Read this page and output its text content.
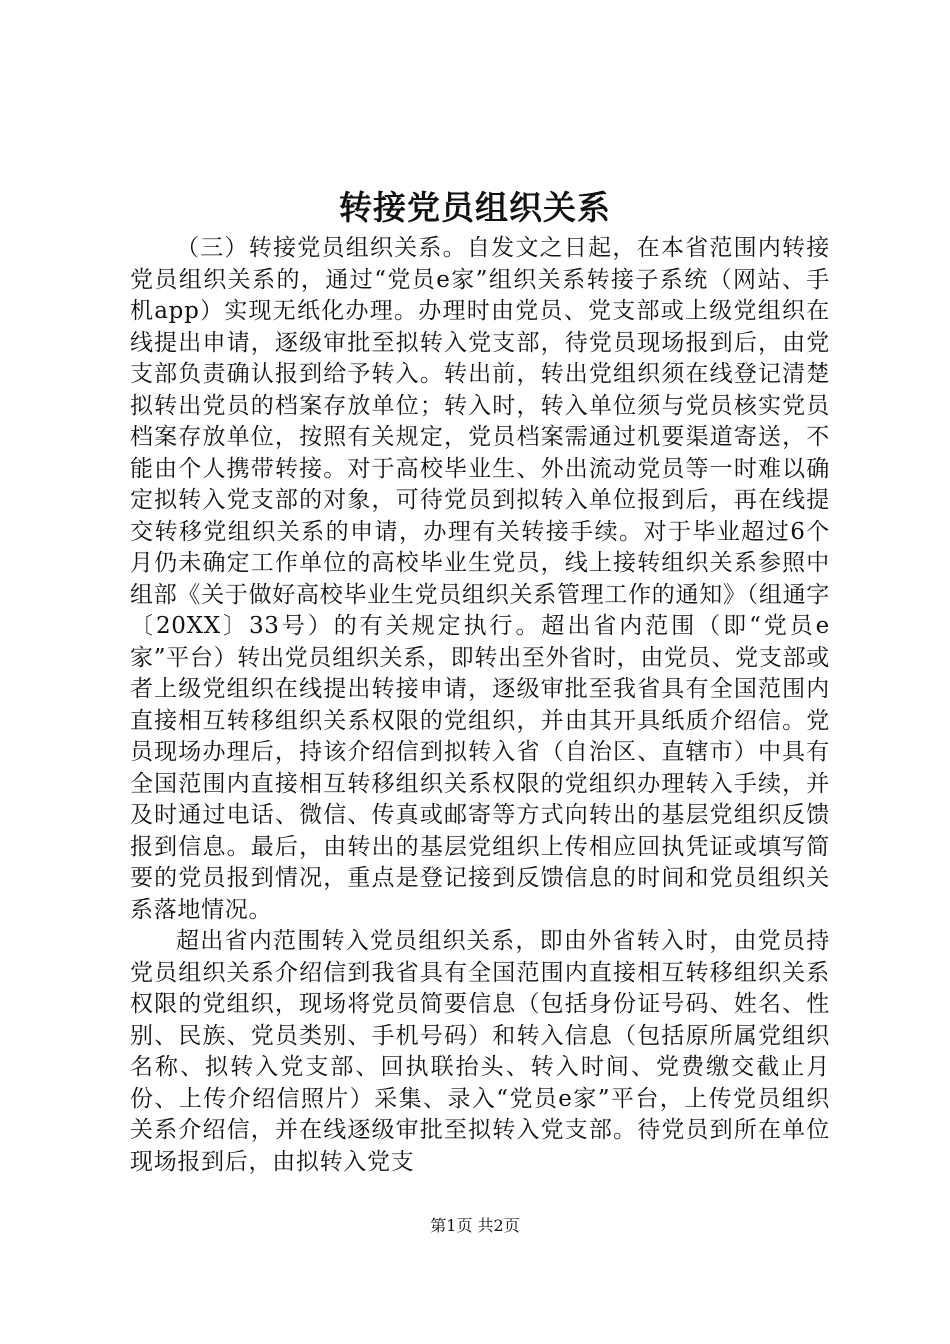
转接党员组织关系

（三）转接党员组织关系。自发文之日起，在本省范围内转接党员组织关系的，通过“党员e家”组织关系转接子系统（网站、手机app）实现无纸化办理。办理时由党员、党支部或上级党组织在线提出申请，逐级审批至拟转入党支部，待党员现场报到后，由党支部负责确认报到给予转入。转出前，转出党组织须在线登记清楚拟转出党员的档案存放单位；转入时，转入单位须与党员核实党员档案存放单位，按照有关规定，党员档案需通过机要渠道寄送，不能由个人携带转接。对于高校毕业生、外出流动党员等一时难以确定拟转入党支部的对象，可待党员到拟转入单位报到后，再在线提交转移党组织关系的申请，办理有关转接手续。对于毕业超过6个月仍未确定工作单位的高校毕业生党员，线上接转组织关系参照中组部《关于做好高校毕业生党员组织关系管理工作的通知》（组通字〔20XX〕33号）的有关规定执行。超出省内范围（即“党员e家”平台）转出党员组织关系，即转出至外省时，由党员、党支部或者上级党组织在线提出转接申请，逐级审批至我省具有全国范围内直接相互转移组织关系权限的党组织，并由其开具纸质介绍信。党员现场办理后，持该介绍信到拟转入省（自治区、直辖市）中具有全国范围内直接相互转移组织关系权限的党组织办理转入手续，并及时通过电话、微信、传真或邮寄等方式向转出的基层党组织反馈报到信息。最后，由转出的基层党组织上传相应回执凭证或填写简要的党员报到情况，重点是登记接到反馈信息的时间和党员组织关系落地情况。

超出省内范围转入党员组织关系，即由外省转入时，由党员持党员组织关系介绍信到我省具有全国范围内直接相互转移组织关系权限的党组织，现场将党员简要信息（包括身份证号码、姓名、性别、民族、党员类别、手机号码）和转入信息（包括原所属党组织名称、拟转入党支部、回执联抬头、转入时间、党费缴交截止月份、上传介绍信照片）采集、录入“党员e家”平台，上传党员组织关系介绍信，并在线逐级审批至拟转入党支部。待党员到所在单位现场报到后，由拟转入党支

第1页 共2页
